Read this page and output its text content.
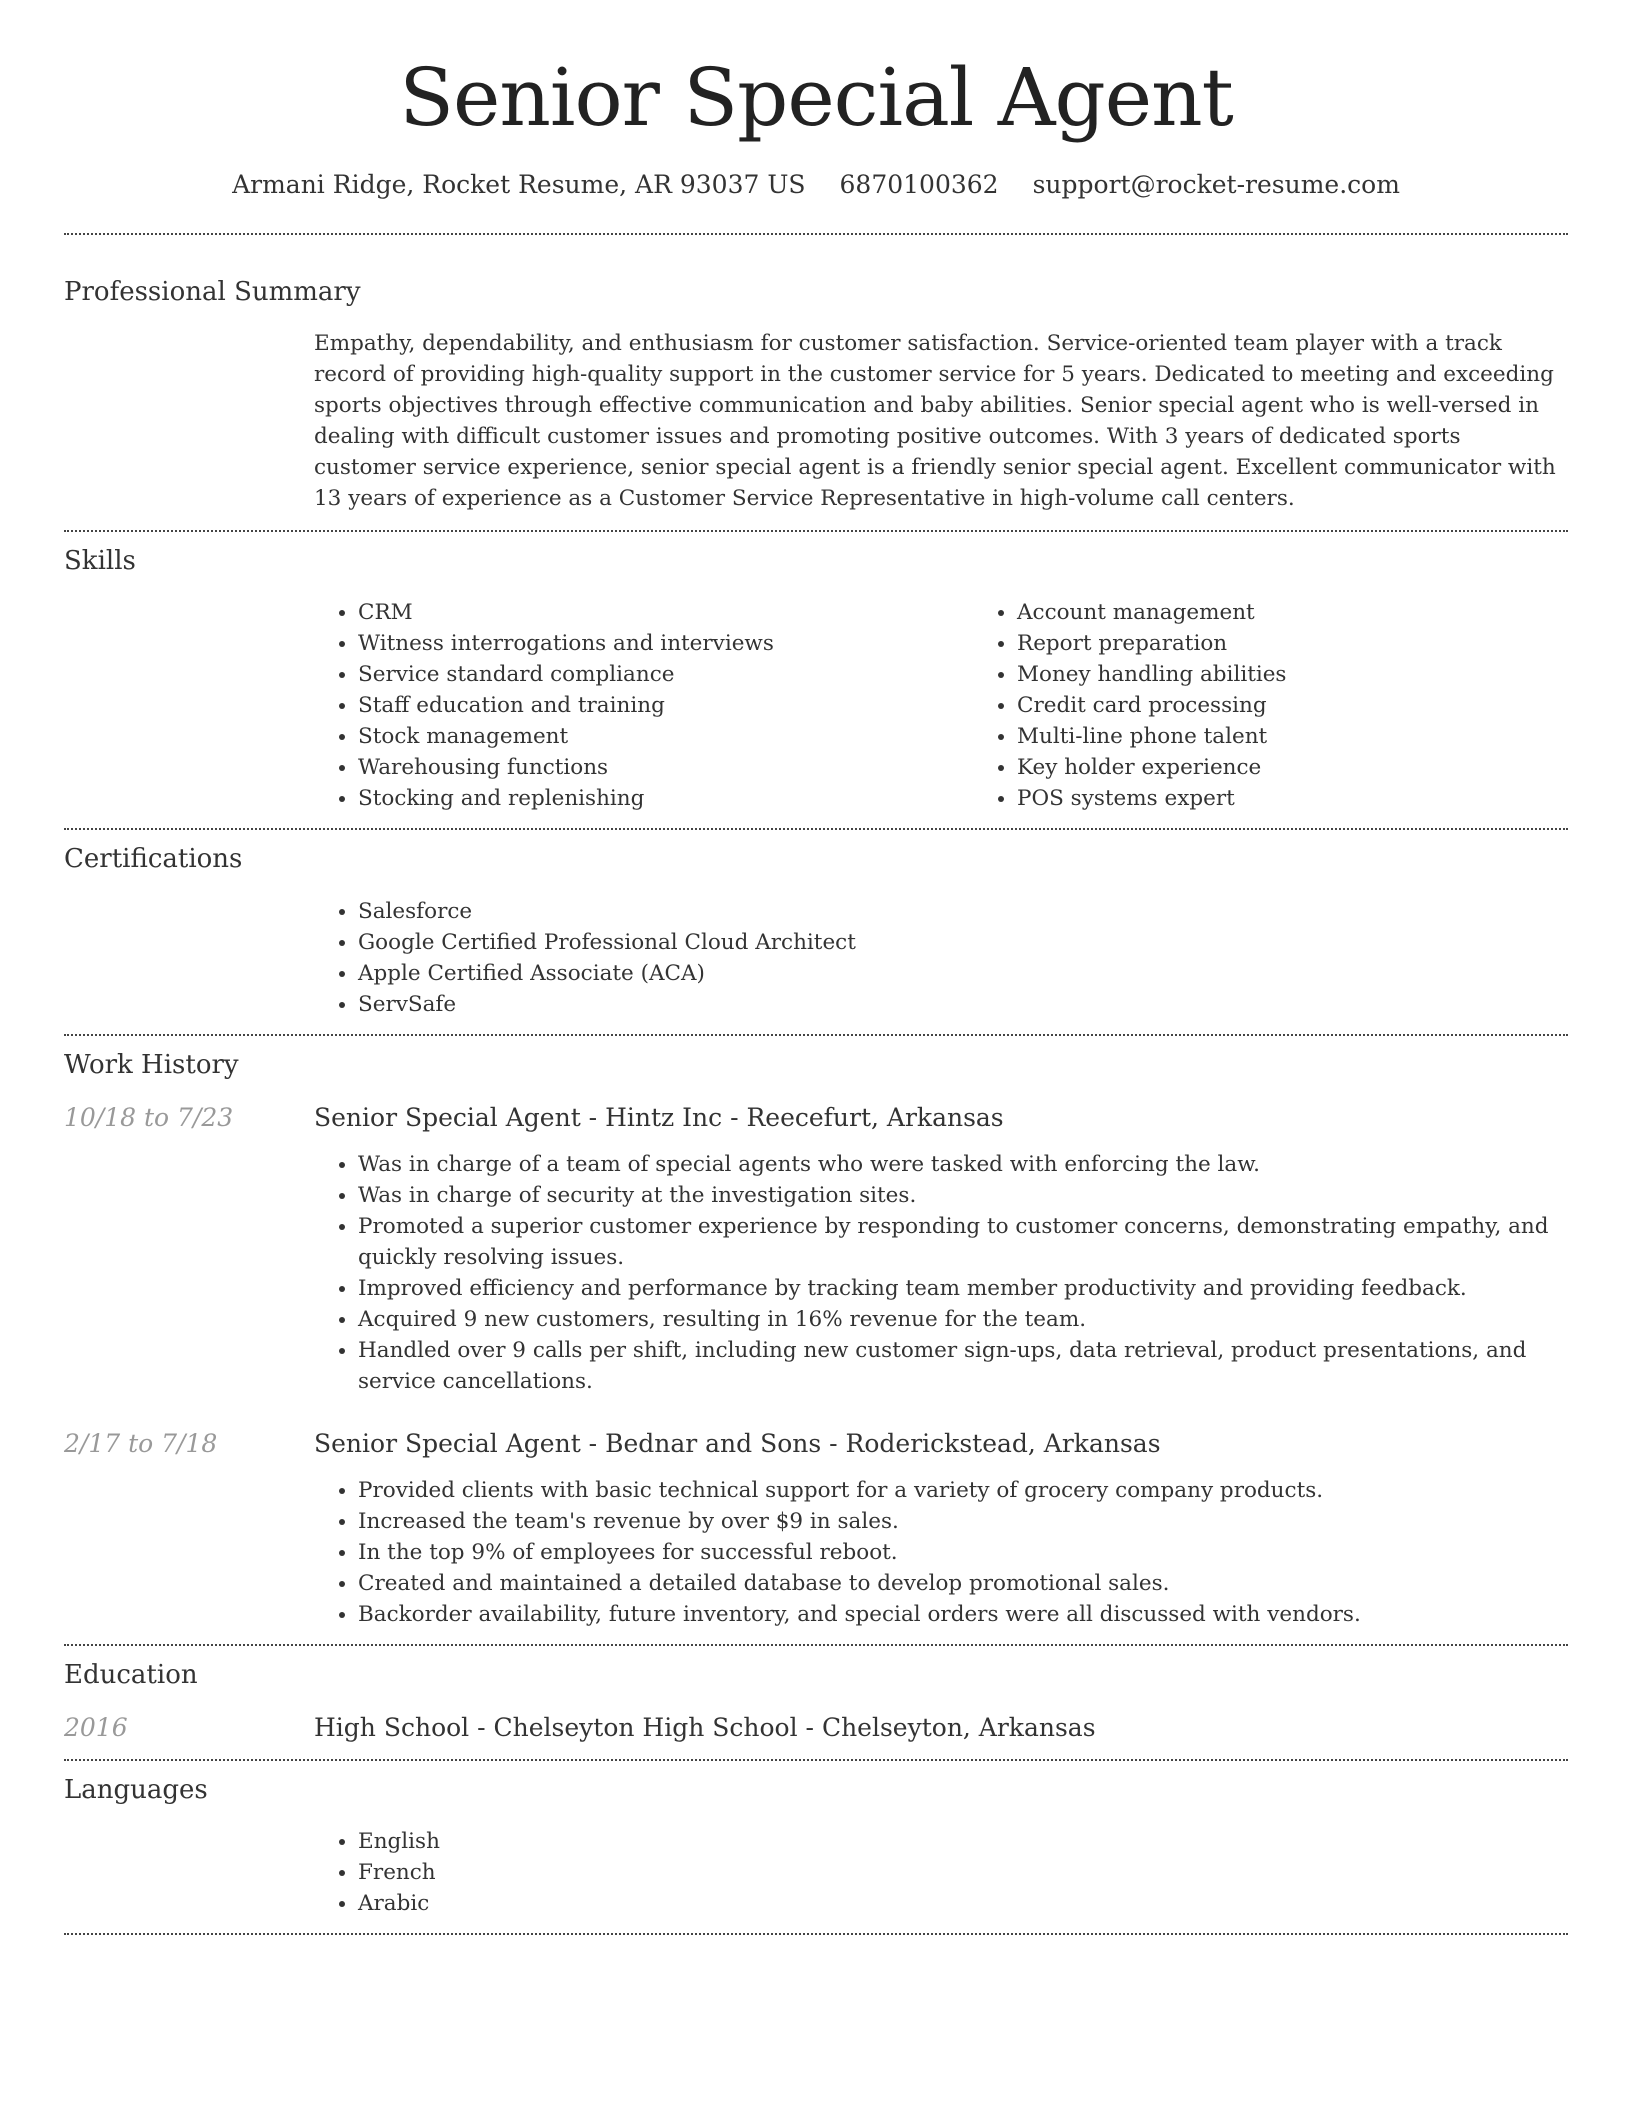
Senior Special Agent
Armani Ridge, Rocket Resume, AR 93037 US 6870100362 support@rocket-resume.com
Professional Summary

Empathy, dependability, and enthusiasm for customer satisfaction. Service-oriented team player with a track record of providing high-quality support in the customer service for 5 years. Dedicated to meeting and exceeding sports objectives through effective communication and baby abilities. Senior special agent who is well-versed in dealing with difficult customer issues and promoting positive outcomes. With 3 years of dedicated sports customer service experience, senior special agent is a friendly senior special agent. Excellent communicator with 13 years of experience as a Customer Service Representative in high-volume call centers.

Skills
• CRM
• Witness interrogations and interviews
• Service standard compliance
• Staff education and training
• Stock management
• Warehousing functions
• Stocking and replenishing
• Account management
• Report preparation
• Money handling abilities
• Credit card processing
• Multi-line phone talent
• Key holder experience
• POS systems expert
Certifications
• Salesforce
• Google Certified Professional Cloud Architect
• Apple Certified Associate (ACA)
• ServSafe
Work History
10/18 to 7/23	Senior Special Agent - Hintz Inc - Reecefurt, Arkansas
• Was in charge of a team of special agents who were tasked with enforcing the law.
• Was in charge of security at the investigation sites.
• Promoted a superior customer experience by responding to customer concerns, demonstrating empathy, and quickly resolving issues.
• Improved efficiency and performance by tracking team member productivity and providing feedback.
• Acquired 9 new customers, resulting in 16% revenue for the team.
• Handled over 9 calls per shift, including new customer sign-ups, data retrieval, product presentations, and service cancellations.
2/17 to 7/18	Senior Special Agent - Bednar and Sons - Roderickstead, Arkansas
• Provided clients with basic technical support for a variety of grocery company products.
• Increased the team's revenue by over $9 in sales.
• In the top 9% of employees for successful reboot.
• Created and maintained a detailed database to develop promotional sales.
• Backorder availability, future inventory, and special orders were all discussed with vendors.
Education
2016	High School - Chelseyton High School - Chelseyton, Arkansas
Languages
• English
• French
• Arabic
